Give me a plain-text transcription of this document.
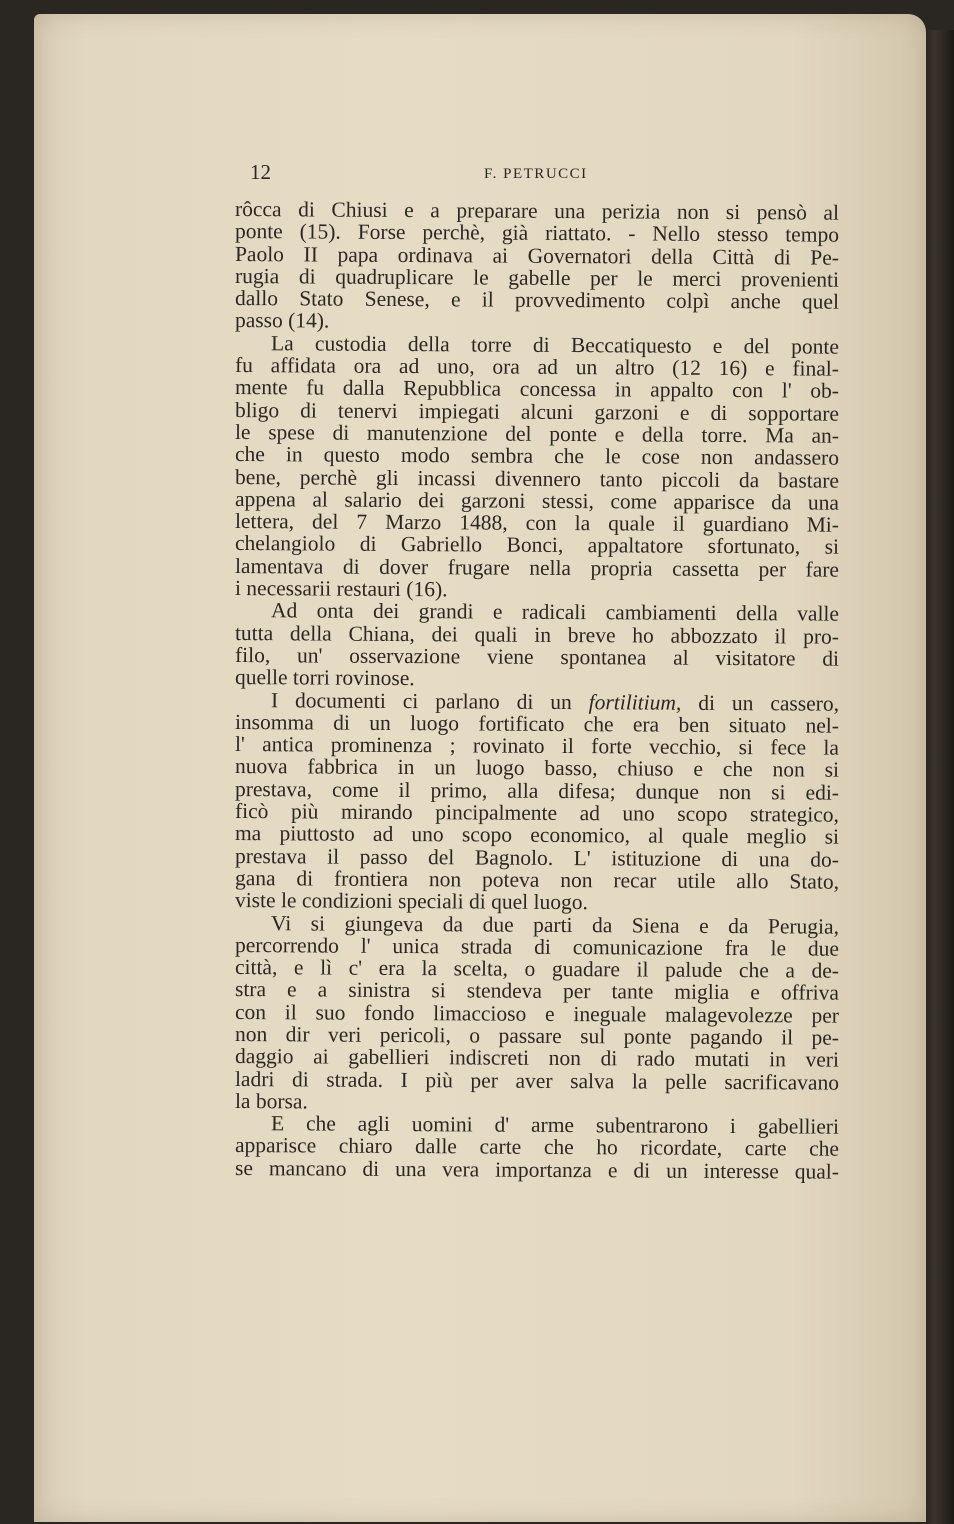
12	F. PETRUCCI
rôcca di Chiusi e a preparare una perizia non si pensò al
ponte (15). Forse perchè, già riattato. - Nello stesso tempo
Paolo II papa ordinava ai Governatori della Città di Pe-
rugia di quadruplicare le gabelle per le merci provenienti
dallo Stato Senese, e il provvedimento colpì anche quel
passo (14).
La custodia della torre di Beccatiquesto e del ponte
fu affidata ora ad uno, ora ad un altro (12 16) e final-
mente fu dalla Repubblica concessa in appalto con l' ob-
bligo di tenervi impiegati alcuni garzoni e di sopportare
le spese di manutenzione del ponte e della torre. Ma an-
che in questo modo sembra che le cose non andassero
bene, perchè gli incassi divennero tanto piccoli da bastare
appena al salario dei garzoni stessi, come apparisce da una
lettera, del 7 Marzo 1488, con la quale il guardiano Mi-
chelangiolo di Gabriello Bonci, appaltatore sfortunato, si
lamentava di dover frugare nella propria cassetta per fare
i necessarii restauri (16).
Ad onta dei grandi e radicali cambiamenti della valle
tutta della Chiana, dei quali in breve ho abbozzato il pro-
filo, un' osservazione viene spontanea al visitatore di
quelle torri rovinose.
I documenti ci parlano di un fortilitium, di un cassero,
insomma di un luogo fortificato che era ben situato nel-
l' antica prominenza ; rovinato il forte vecchio, si fece la
nuova fabbrica in un luogo basso, chiuso e che non si
prestava, come il primo, alla difesa; dunque non si edi-
ficò più mirando pincipalmente ad uno scopo strategico,
ma piuttosto ad uno scopo economico, al quale meglio si
prestava il passo del Bagnolo. L' istituzione di una do-
gana di frontiera non poteva non recar utile allo Stato,
viste le condizioni speciali di quel luogo.
Vi si giungeva da due parti da Siena e da Perugia,
percorrendo l' unica strada di comunicazione fra le due
città, e lì c' era la scelta, o guadare il palude che a de-
stra e a sinistra si stendeva per tante miglia e offriva
con il suo fondo limaccioso e ineguale malagevolezze per
non dir veri pericoli, o passare sul ponte pagando il pe-
daggio ai gabellieri indiscreti non di rado mutati in veri
ladri di strada. I più per aver salva la pelle sacrificavano
la borsa.
E che agli uomini d' arme subentrarono i gabellieri
apparisce chiaro dalle carte che ho ricordate, carte che
se mancano di una vera importanza e di un interesse qual-
